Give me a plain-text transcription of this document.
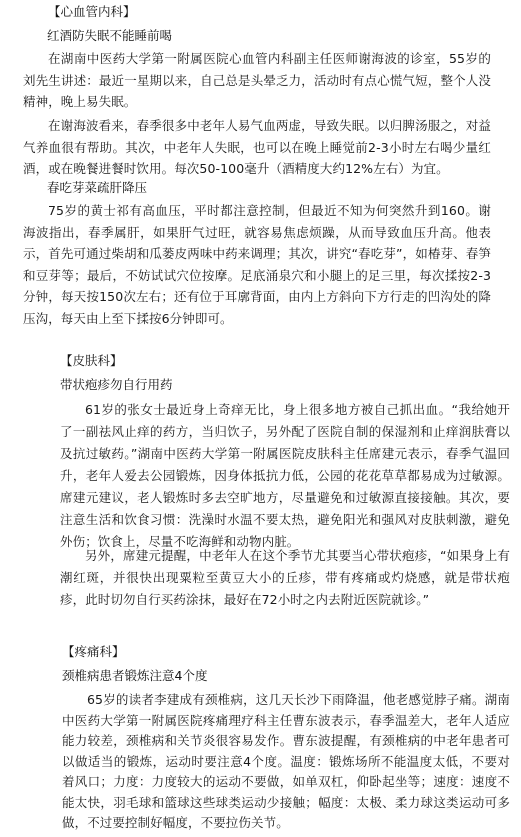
【心血管内科】
红酒防失眠不能睡前喝
在湖南中医药大学第一附属医院心血管内科副主任医师谢海波的诊室，55岁的刘先生讲述：最近一星期以来，自己总是头晕乏力，活动时有点心慌气短，整个人没精神，晚上易失眠。
在谢海波看来，春季很多中老年人易气血两虚，导致失眠。以归脾汤服之，对益气养血很有帮助。其次，中老年人失眠，也可以在晚上睡觉前2-3小时左右喝少量红酒，或在晚餐进餐时饮用。每次50-100毫升（酒精度大约12%左右）为宜。
春吃芽菜疏肝降压
75岁的黄士祁有高血压，平时都注意控制，但最近不知为何突然升到160。谢海波指出，春季属肝，如果肝气过旺，就容易焦虑烦躁，从而导致血压升高。他表示，首先可通过柴胡和瓜蒌皮两味中药来调理；其次，讲究“春吃芽”，如椿芽、春笋和豆芽等；最后，不妨试试穴位按摩。足底涌泉穴和小腿上的足三里，每次揉按2-3分钟，每天按150次左右；还有位于耳廓背面，由内上方斜向下方行走的凹沟处的降压沟，每天由上至下揉按6分钟即可。
【皮肤科】
带状疱疹勿自行用药
61岁的张女士最近身上奇痒无比，身上很多地方被自己抓出血。“我给她开了一副祛风止痒的药方，当归饮子，另外配了医院自制的保湿剂和止痒润肤膏以及抗过敏药。”湖南中医药大学第一附属医院皮肤科主任席建元表示，春季气温回升，老年人爱去公园锻炼，因身体抵抗力低，公园的花花草草都易成为过敏源。席建元建议，老人锻炼时多去空旷地方，尽量避免和过敏源直接接触。其次，要注意生活和饮食习惯：洗澡时水温不要太热，避免阳光和强风对皮肤刺激，避免外伤；饮食上，尽量不吃海鲜和动物内脏。
另外，席建元提醒，中老年人在这个季节尤其要当心带状疱疹，“如果身上有潮红斑，并很快出现粟粒至黄豆大小的丘疹，带有疼痛或灼烧感，就是带状疱疹，此时切勿自行买药涂抹，最好在72小时之内去附近医院就诊。”
【疼痛科】
颈椎病患者锻炼注意4个度
65岁的读者李建成有颈椎病，这几天长沙下雨降温，他老感觉脖子痛。湖南中医药大学第一附属医院疼痛理疗科主任曹东波表示，春季温差大，老年人适应能力较差，颈椎病和关节炎很容易发作。曹东波提醒，有颈椎病的中老年患者可以做适当的锻炼，运动时要注意4个度。温度：锻炼场所不能温度太低，不要对着风口；力度：力度较大的运动不要做，如单双杠，仰卧起坐等；速度：速度不能太快，羽毛球和篮球这些球类运动少接触；幅度：太极、柔力球这类运动可多做，不过要控制好幅度，不要拉伤关节。
